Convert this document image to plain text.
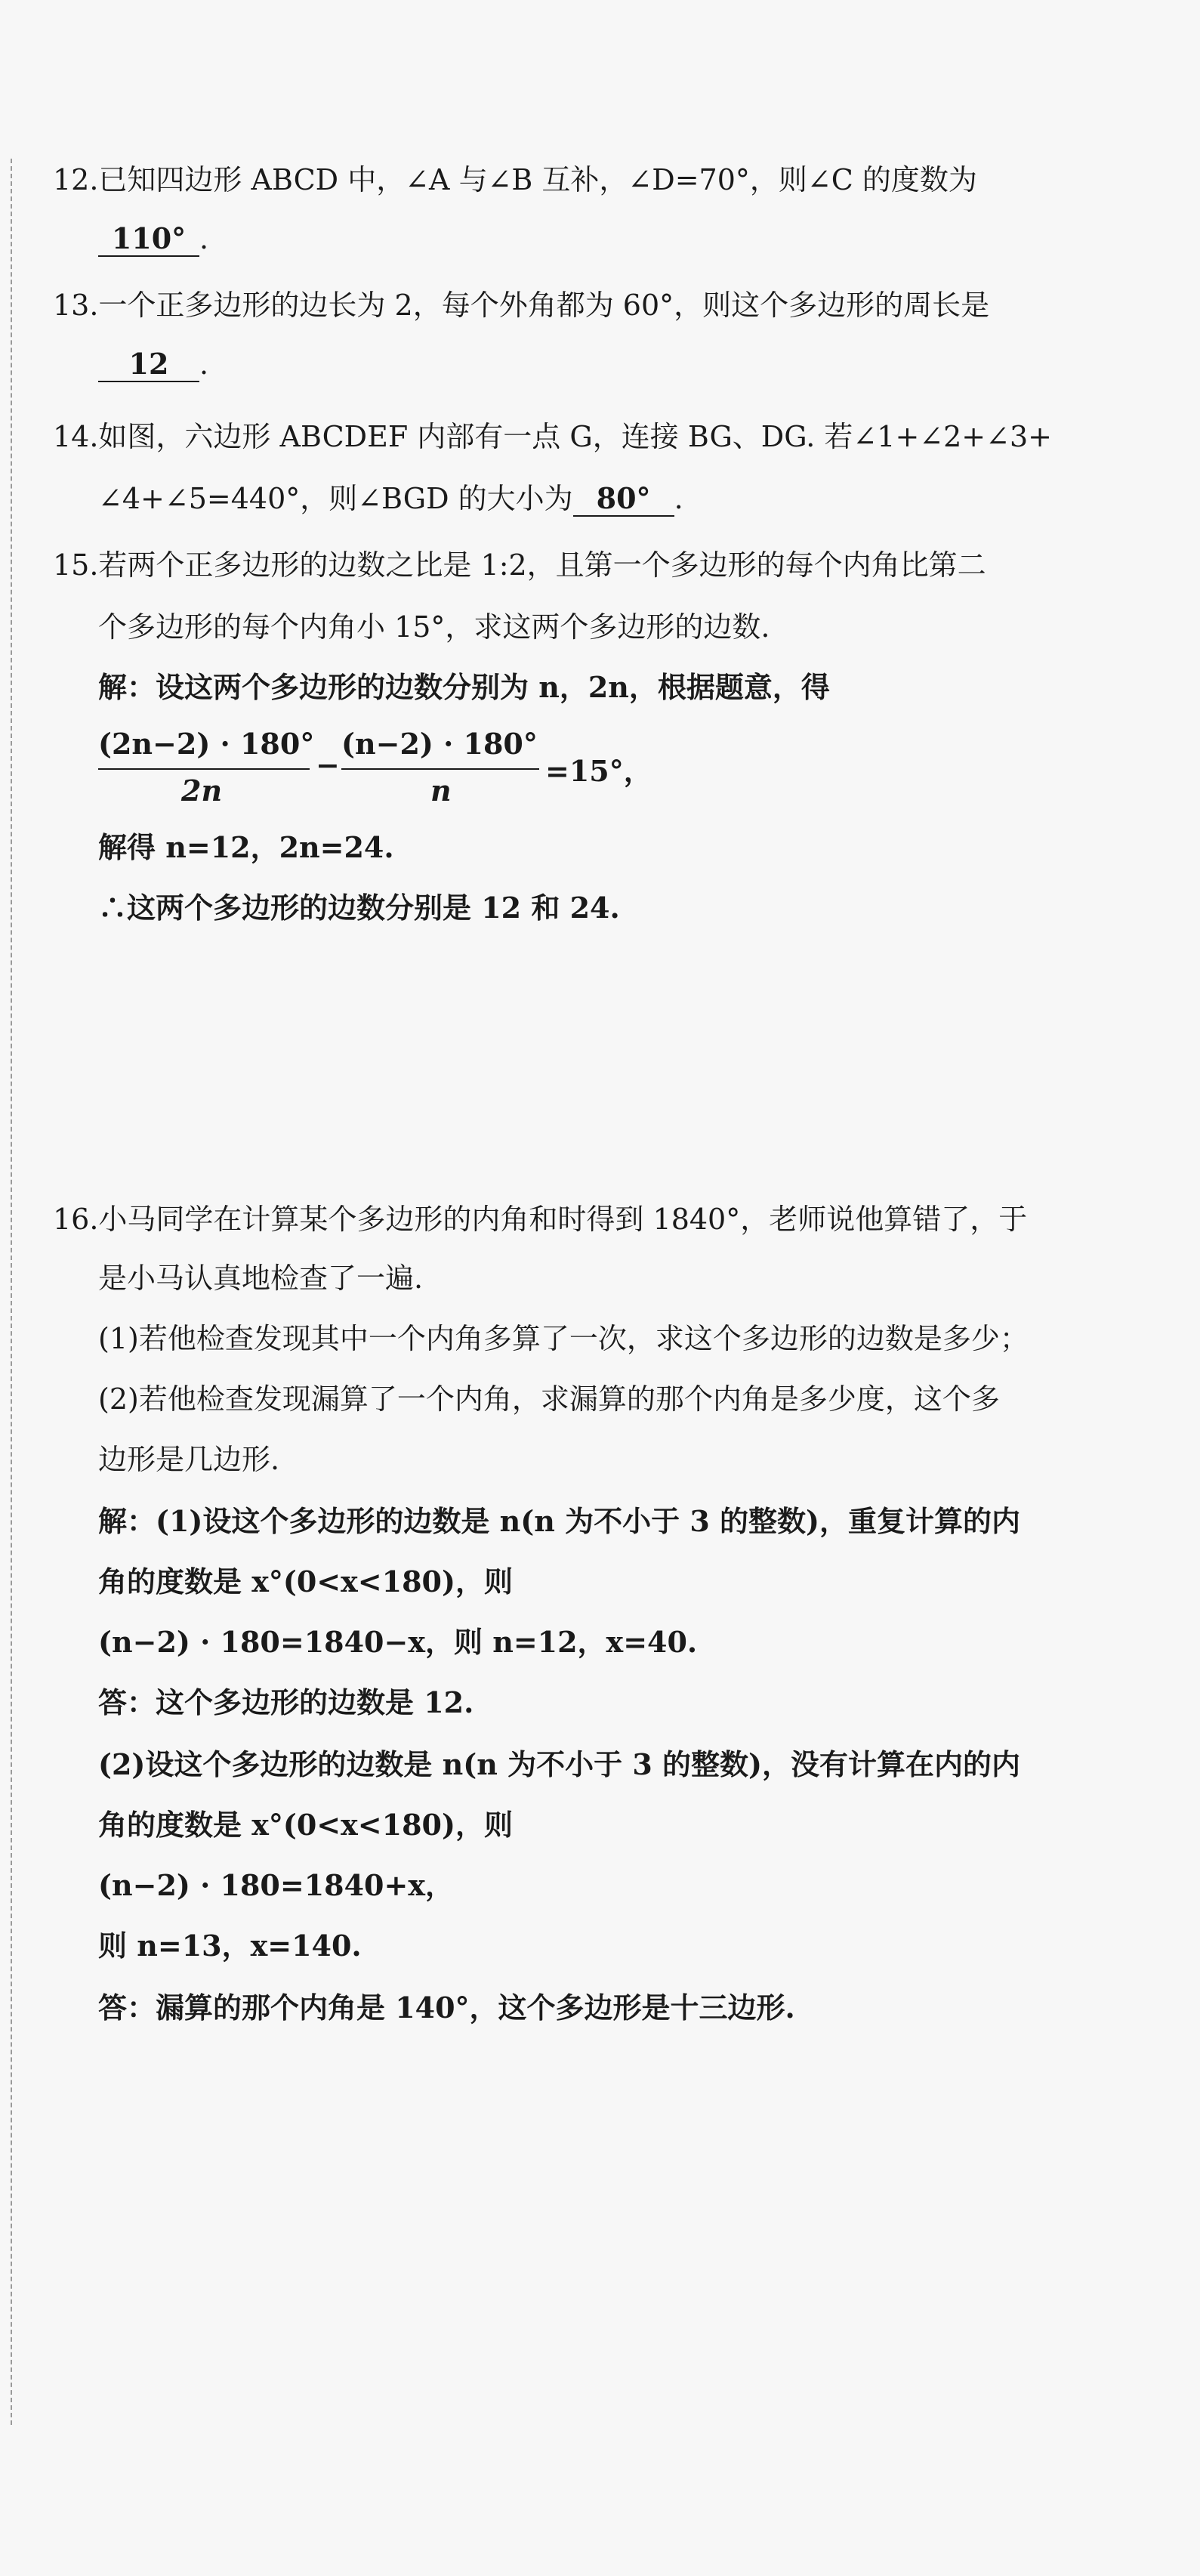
12.已知四边形 ABCD 中，∠A 与∠B 互补，∠D=70°，则∠C 的度数为
110° .
13.一个正多边形的边长为 2，每个外角都为 60°，则这个多边形的周长是
12 .
14.如图，六边形 ABCDEF 内部有一点 G，连接 BG、DG. 若∠1+∠2+∠3+
∠4+∠5=440°，则∠BGD 的大小为 80° .
15.若两个正多边形的边数之比是 1:2，且第一个多边形的每个内角比第二
个多边形的每个内角小 15°，求这两个多边形的边数.
解：设这两个多边形的边数分别为 n，2n，根据题意，得
(2n−2) · 180°
2n
−
(n−2) · 180°
n
=15°，
解得 n=12，2n=24.
∴这两个多边形的边数分别是 12 和 24.
16.小马同学在计算某个多边形的内角和时得到 1840°，老师说他算错了，于
是小马认真地检查了一遍.
(1)若他检查发现其中一个内角多算了一次，求这个多边形的边数是多少；
(2)若他检查发现漏算了一个内角，求漏算的那个内角是多少度，这个多
边形是几边形.
解：(1)设这个多边形的边数是 n(n 为不小于 3 的整数)，重复计算的内
角的度数是 x°(0<x<180)，则
(n−2) · 180=1840−x，则 n=12，x=40.
答：这个多边形的边数是 12.
(2)设这个多边形的边数是 n(n 为不小于 3 的整数)，没有计算在内的内
角的度数是 x°(0<x<180)，则
(n−2) · 180=1840+x，
则 n=13，x=140.
答：漏算的那个内角是 140°，这个多边形是十三边形.
